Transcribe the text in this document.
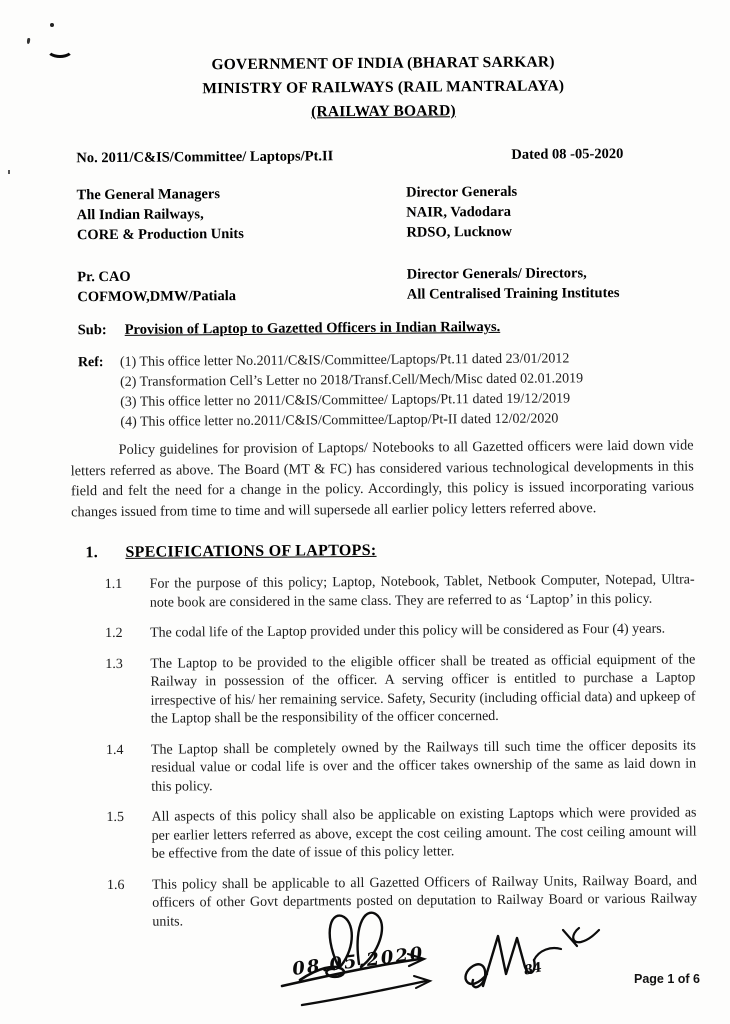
GOVERNMENT OF INDIA (BHARAT SARKAR)
MINISTRY OF RAILWAYS (RAIL MANTRALAYA)
(RAILWAY BOARD)
No. 2011/C&IS/Committee/ Laptops/Pt.II	Dated 08 -05-2020
The General Managers
All Indian Railways,
CORE & Production Units
Pr. CAO
COFMOW,DMW/Patiala
Director Generals
NAIR, Vadodara
RDSO, Lucknow
Director Generals/ Directors,
All Centralised Training Institutes
Sub:	Provision of Laptop to Gazetted Officers in Indian Railways.
Ref:	(1) This office letter No.2011/C&IS/Committee/Laptops/Pt.11 dated 23/01/2012
(2) Transformation Cell’s Letter no 2018/Transf.Cell/Mech/Misc dated 02.01.2019
(3) This office letter no 2011/C&IS/Committee/ Laptops/Pt.11 dated 19/12/2019
(4) This office letter no.2011/C&IS/Committee/Laptop/Pt-II dated 12/02/2020

Policy guidelines for provision of Laptops/ Notebooks to all Gazetted officers were laid down vide letters referred as above. The Board (MT & FC) has considered various technological developments in this field and felt the need for a change in the policy. Accordingly, this policy is issued incorporating various changes issued from time to time and will supersede all earlier policy letters referred above.

1.	SPECIFICATIONS OF LAPTOPS:
1.1	For the purpose of this policy; Laptop, Notebook, Tablet, Netbook Computer, Notepad, Ultra-note book are considered in the same class. They are referred to as ‘Laptop’ in this policy.
1.2	The codal life of the Laptop provided under this policy will be considered as Four (4) years.
1.3	The Laptop to be provided to the eligible officer shall be treated as official equipment of the Railway in possession of the officer. A serving officer is entitled to purchase a Laptop irrespective of his/ her remaining service. Safety, Security (including official data) and upkeep of the Laptop shall be the responsibility of the officer concerned.
1.4	The Laptop shall be completely owned by the Railways till such time the officer deposits its residual value or codal life is over and the officer takes ownership of the same as laid down in this policy.
1.5	All aspects of this policy shall also be applicable on existing Laptops which were provided as per earlier letters referred as above, except the cost ceiling amount. The cost ceiling amount will be effective from the date of issue of this policy letter.
1.6	This policy shall be applicable to all Gazetted Officers of Railway Units, Railway Board, and officers of other Govt departments posted on deputation to Railway Board or various Railway units.
08.05.2020	84
Page 1 of 6
